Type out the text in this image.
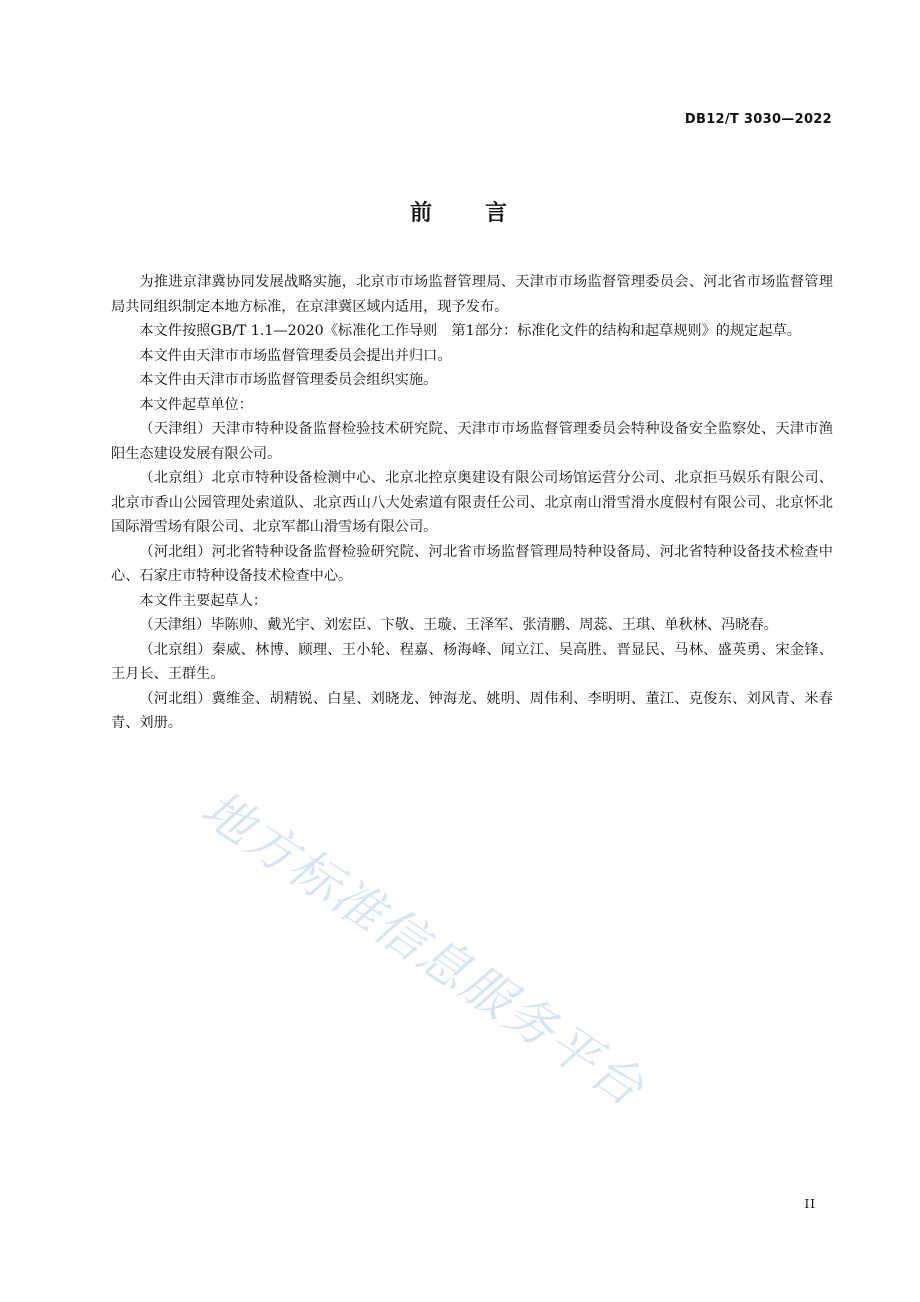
DB12/T 3030—2022
前 言

为推进京津冀协同发展战略实施，北京市市场监督管理局、天津市市场监督管理委员会、河北省市场监督管理局共同组织制定本地方标准，在京津冀区域内适用，现予发布。

本文件按照GB/T 1.1—2020《标准化工作导则　第1部分：标准化文件的结构和起草规则》的规定起草。

本文件由天津市市场监督管理委员会提出并归口。

本文件由天津市市场监督管理委员会组织实施。

本文件起草单位：

（天津组）天津市特种设备监督检验技术研究院、天津市市场监督管理委员会特种设备安全监察处、天津市渔阳生态建设发展有限公司。

（北京组）北京市特种设备检测中心、北京北控京奥建设有限公司场馆运营分公司、北京拒马娱乐有限公司、北京市香山公园管理处索道队、北京西山八大处索道有限责任公司、北京南山滑雪滑水度假村有限公司、北京怀北国际滑雪场有限公司、北京军都山滑雪场有限公司。

（河北组）河北省特种设备监督检验研究院、河北省市场监督管理局特种设备局、河北省特种设备技术检查中心、石家庄市特种设备技术检查中心。

本文件主要起草人：

（天津组）毕陈帅、戴光宇、刘宏臣、卞敬、王璇、王泽军、张清鹏、周蕊、王琪、单秋林、冯晓春。

（北京组）秦威、林博、顾理、王小轮、程嘉、杨海峰、闻立江、吴高胜、晋显民、马林、盛英勇、宋金锋、王月长、王群生。

（河北组）冀维金、胡精锐、白星、刘晓龙、钟海龙、姚明、周伟利、李明明、董江、克俊东、刘风青、米春青、刘册。

地方标准信息服务平台
II
